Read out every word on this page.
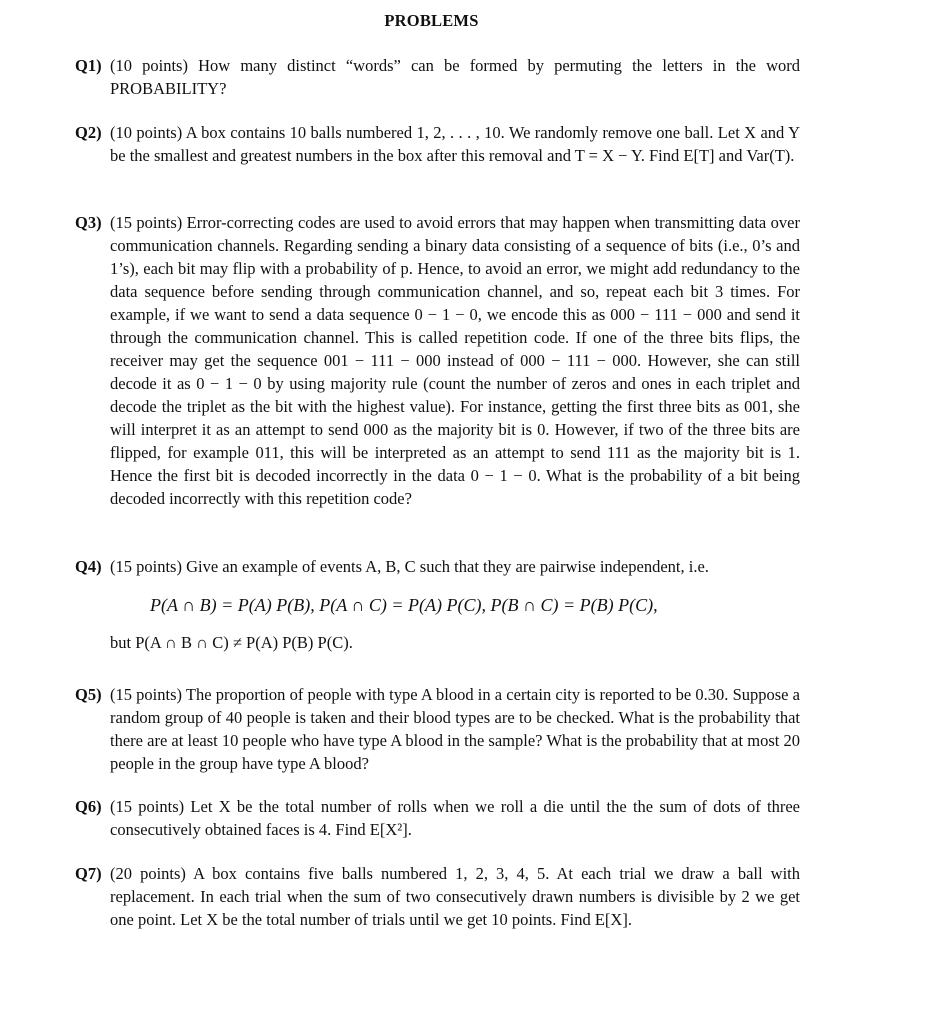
PROBLEMS
Q1) (10 points) How many distinct “words” can be formed by permuting the letters in the word PROBABILITY?

Q2) (10 points) A box contains 10 balls numbered 1, 2, . . . , 10. We randomly remove one ball. Let X and Y be the smallest and greatest numbers in the box after this removal and T = X − Y. Find E[T] and Var(T).

Q3) (15 points) Error-correcting codes are used to avoid errors that may happen when transmitting data over communication channels. Regarding sending a binary data consisting of a sequence of bits (i.e., 0’s and 1’s), each bit may flip with a probability of p. Hence, to avoid an error, we might add redundancy to the data sequence before sending through communication channel, and so, repeat each bit 3 times. For example, if we want to send a data sequence 0 − 1 − 0, we encode this as 000 − 111 − 000 and send it through the communication channel. This is called repetition code. If one of the three bits flips, the receiver may get the sequence 001 − 111 − 000 instead of 000 − 111 − 000. However, she can still decode it as 0 − 1 − 0 by using majority rule (count the number of zeros and ones in each triplet and decode the triplet as the bit with the highest value). For instance, getting the first three bits as 001, she will interpret it as an attempt to send 000 as the majority bit is 0. However, if two of the three bits are flipped, for example 011, this will be interpreted as an attempt to send 111 as the majority bit is 1. Hence the first bit is decoded incorrectly in the data 0 − 1 − 0. What is the probability of a bit being decoded incorrectly with this repetition code?

Q4) (15 points) Give an example of events A, B, C such that they are pairwise independent, i.e.

P(A ∩ B) = P(A) P(B), P(A ∩ C) = P(A) P(C), P(B ∩ C) = P(B) P(C),

but P(A ∩ B ∩ C) ≠ P(A) P(B) P(C).

Q5) (15 points) The proportion of people with type A blood in a certain city is reported to be 0.30. Suppose a random group of 40 people is taken and their blood types are to be checked. What is the probability that there are at least 10 people who have type A blood in the sample? What is the probability that at most 20 people in the group have type A blood?

Q6) (15 points) Let X be the total number of rolls when we roll a die until the the sum of dots of three consecutively obtained faces is 4. Find E[X²].

Q7) (20 points) A box contains five balls numbered 1, 2, 3, 4, 5. At each trial we draw a ball with replacement. In each trial when the sum of two consecutively drawn numbers is divisible by 2 we get one point. Let X be the total number of trials until we get 10 points. Find E[X].
